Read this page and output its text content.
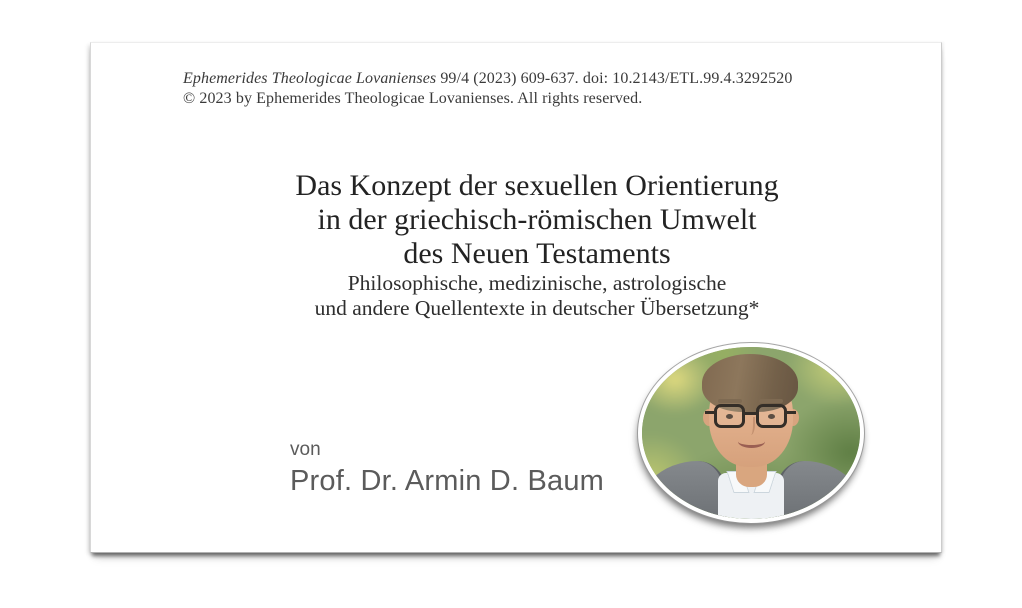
Ephemerides Theologicae Lovanienses 99/4 (2023) 609-637. doi: 10.2143/ETL.99.4.3292520
© 2023 by Ephemerides Theologicae Lovanienses. All rights reserved.
Das Konzept der sexuellen Orientierung
in der griechisch-römischen Umwelt
des Neuen Testaments
Philosophische, medizinische, astrologische
und andere Quellentexte in deutscher Übersetzung*
von
Prof. Dr. Armin D. Baum
